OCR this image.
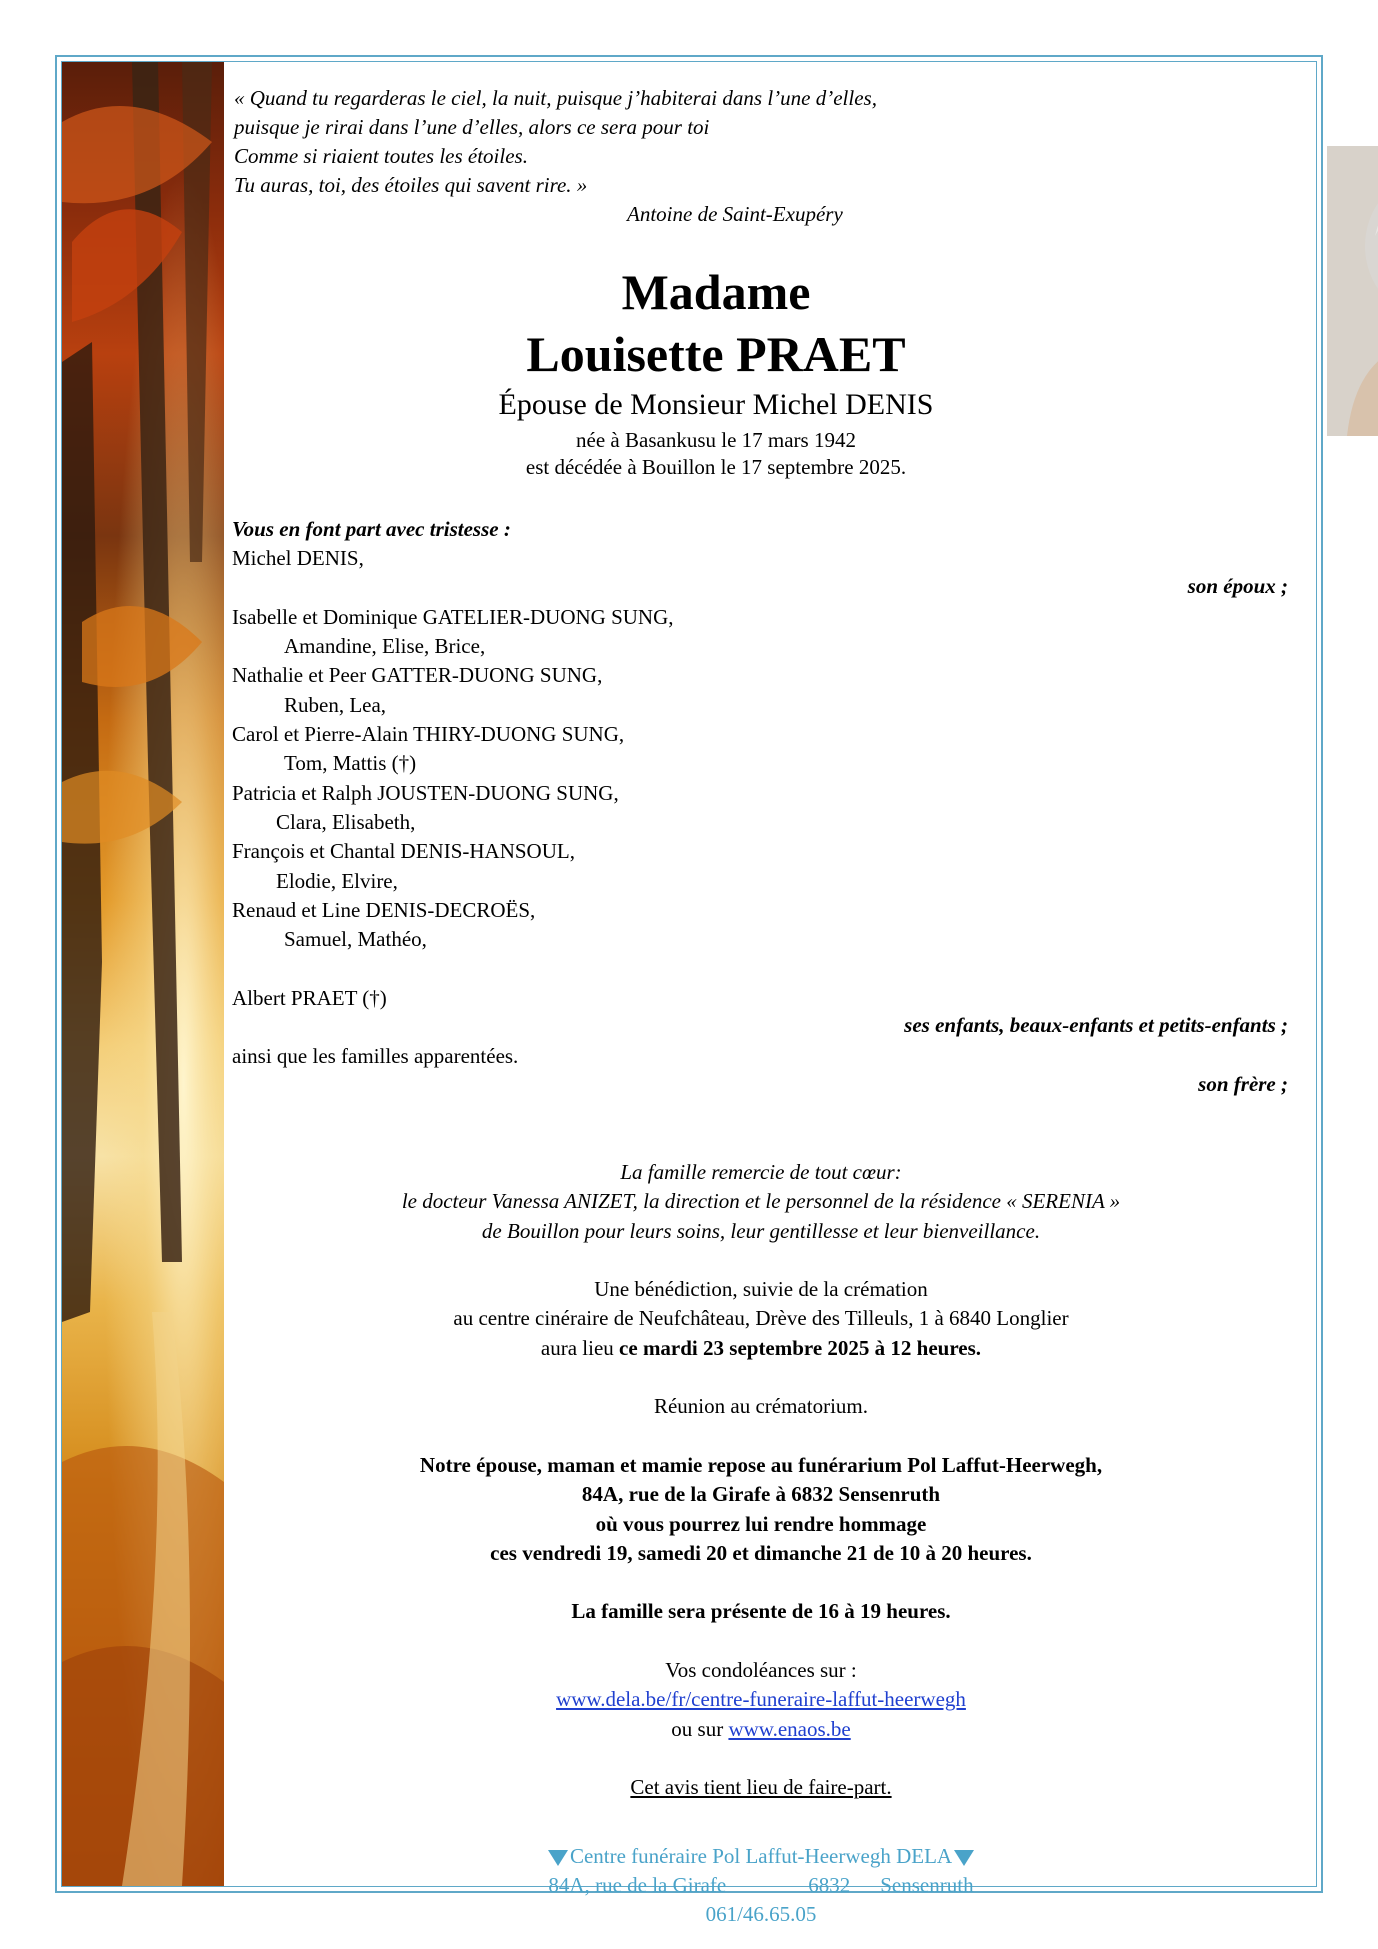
« Quand tu regarderas le ciel, la nuit, puisque j’habiterai dans l’une d’elles,
puisque je rirai dans l’une d’elles, alors ce sera pour toi
Comme si riaient toutes les étoiles.
Tu auras, toi, des étoiles qui savent rire. »
Antoine de Saint-Exupéry
Madame
Louisette PRAET
Épouse de Monsieur Michel DENIS
née à Basankusu le 17 mars 1942
est décédée à Bouillon le 17 septembre 2025.
Vous en font part avec tristesse :
Michel DENIS,
Isabelle et Dominique GATELIER-DUONG SUNG,
Amandine, Elise, Brice,
Nathalie et Peer GATTER-DUONG SUNG,
Ruben, Lea,
Carol et Pierre-Alain THIRY-DUONG SUNG,
Tom, Mattis (†)
Patricia et Ralph JOUSTEN-DUONG SUNG,
Clara, Elisabeth,
François et Chantal DENIS-HANSOUL,
Elodie, Elvire,
Renaud et Line DENIS-DECROËS,
Samuel, Mathéo,
Albert PRAET (†)
ainsi que les familles apparentées.
son époux ;
ses enfants, beaux-enfants et petits-enfants ;
son frère ;
La famille remercie de tout cœur:
le docteur Vanessa ANIZET, la direction et le personnel de la résidence « SERENIA »
de Bouillon pour leurs soins, leur gentillesse et leur bienveillance.
Une bénédiction, suivie de la crémation
au centre cinéraire de Neufchâteau, Drève des Tilleuls, 1 à 6840 Longlier
aura lieu ce mardi 23 septembre 2025 à 12 heures.
Réunion au crématorium.
Notre épouse, maman et mamie repose au funérarium Pol Laffut-Heerwegh,
84A, rue de la Girafe à 6832 Sensenruth
où vous pourrez lui rendre hommage
ces vendredi 19, samedi 20 et dimanche 21 de 10 à 20 heures.
La famille sera présente de 16 à 19 heures.
Vos condoléances sur :
www.dela.be/fr/centre-funeraire-laffut-heerwegh
ou sur www.enaos.be
Cet avis tient lieu de faire-part.
Centre funéraire Pol Laffut-Heerwegh DELA
84A, rue de la Girafe	6832 Sensenruth
061/46.65.05
